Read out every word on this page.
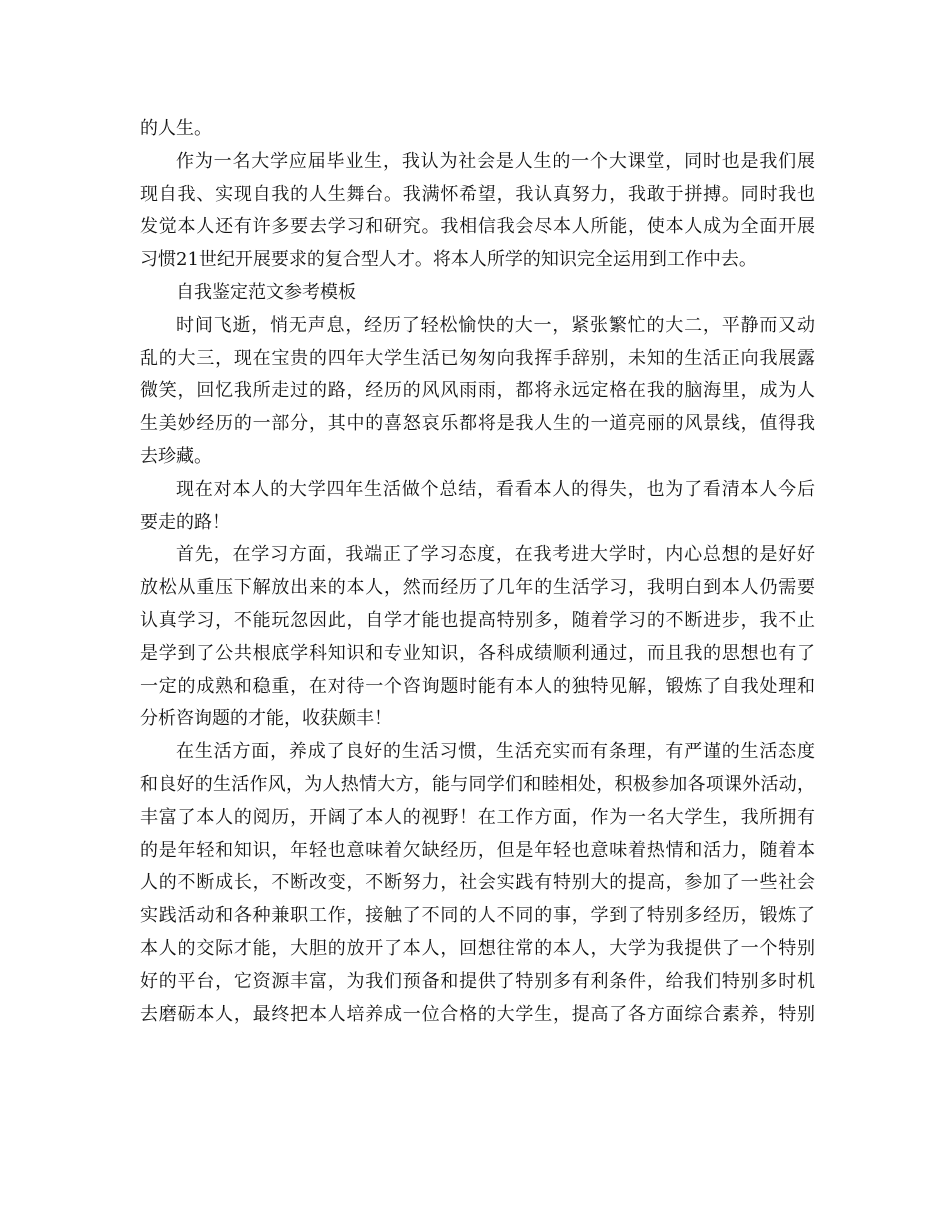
的人生。
作为一名大学应届毕业生，我认为社会是人生的一个大课堂，同时也是我们展
现自我、实现自我的人生舞台。我满怀希望，我认真努力，我敢于拼搏。同时我也
发觉本人还有许多要去学习和研究。我相信我会尽本人所能，使本人成为全面开展
习惯21世纪开展要求的复合型人才。将本人所学的知识完全运用到工作中去。
自我鉴定范文参考模板
时间飞逝，悄无声息，经历了轻松愉快的大一，紧张繁忙的大二，平静而又动
乱的大三，现在宝贵的四年大学生活已匆匆向我挥手辞别，未知的生活正向我展露
微笑，回忆我所走过的路，经历的风风雨雨，都将永远定格在我的脑海里，成为人
生美妙经历的一部分，其中的喜怒哀乐都将是我人生的一道亮丽的风景线，值得我
去珍藏。
现在对本人的大学四年生活做个总结，看看本人的得失，也为了看清本人今后
要走的路！
首先，在学习方面，我端正了学习态度，在我考进大学时，内心总想的是好好
放松从重压下解放出来的本人，然而经历了几年的生活学习，我明白到本人仍需要
认真学习，不能玩忽因此，自学才能也提高特别多，随着学习的不断进步，我不止
是学到了公共根底学科知识和专业知识，各科成绩顺利通过，而且我的思想也有了
一定的成熟和稳重，在对待一个咨询题时能有本人的独特见解，锻炼了自我处理和
分析咨询题的才能，收获颇丰！
在生活方面，养成了良好的生活习惯，生活充实而有条理，有严谨的生活态度
和良好的生活作风，为人热情大方，能与同学们和睦相处，积极参加各项课外活动，
丰富了本人的阅历，开阔了本人的视野！在工作方面，作为一名大学生，我所拥有
的是年轻和知识，年轻也意味着欠缺经历，但是年轻也意味着热情和活力，随着本
人的不断成长，不断改变，不断努力，社会实践有特别大的提高，参加了一些社会
实践活动和各种兼职工作，接触了不同的人不同的事，学到了特别多经历，锻炼了
本人的交际才能，大胆的放开了本人，回想往常的本人，大学为我提供了一个特别
好的平台，它资源丰富，为我们预备和提供了特别多有利条件，给我们特别多时机
去磨砺本人，最终把本人培养成一位合格的大学生，提高了各方面综合素养，特别
